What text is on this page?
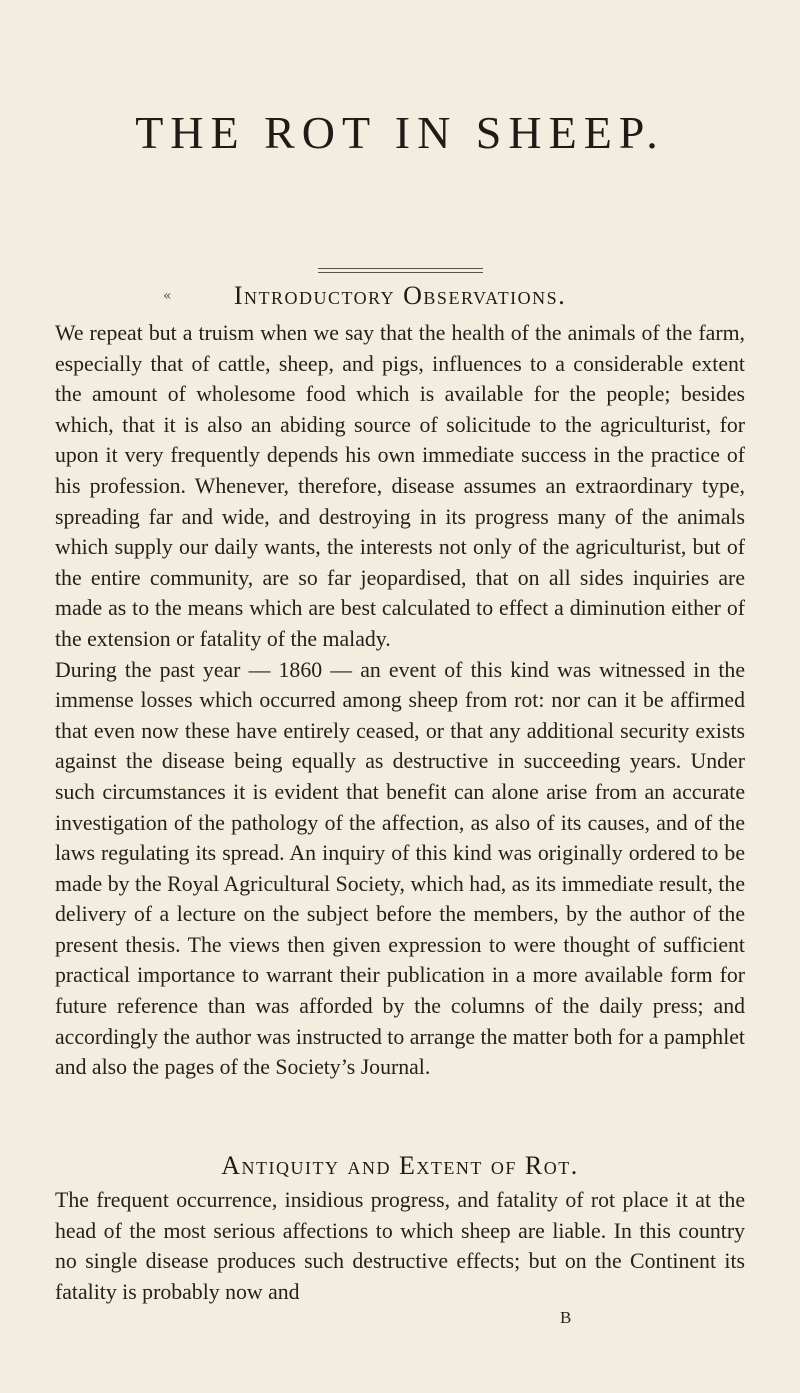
THE ROT IN SHEEP.
«	Introductory Observations.

We repeat but a truism when we say that the health of the animals of the farm, especially that of cattle, sheep, and pigs, influences to a considerable extent the amount of wholesome food which is available for the people; besides which, that it is also an abiding source of solicitude to the agriculturist, for upon it very frequently depends his own immediate success in the practice of his profession. Whenever, therefore, disease assumes an extraordinary type, spreading far and wide, and destroying in its progress many of the animals which supply our daily wants, the interests not only of the agriculturist, but of the entire community, are so far jeopardised, that on all sides inquiries are made as to the means which are best calculated to effect a diminution either of the extension or fatality of the malady.

During the past year — 1860 — an event of this kind was witnessed in the immense losses which occurred among sheep from rot: nor can it be affirmed that even now these have entirely ceased, or that any additional security exists against the disease being equally as destructive in succeeding years. Under such circumstances it is evident that benefit can alone arise from an accurate investigation of the pathology of the affection, as also of its causes, and of the laws regulating its spread. An inquiry of this kind was originally ordered to be made by the Royal Agricultural Society, which had, as its immediate result, the delivery of a lecture on the subject before the members, by the author of the present thesis. The views then given expression to were thought of sufficient practical importance to warrant their publication in a more available form for future reference than was afforded by the columns of the daily press; and accordingly the author was instructed to arrange the matter both for a pamphlet and also the pages of the Society’s Journal.

Antiquity and Extent of Rot.

The frequent occurrence, insidious progress, and fatality of rot place it at the head of the most serious affections to which sheep are liable. In this country no single disease produces such destructive effects; but on the Continent its fatality is probably now and

B
